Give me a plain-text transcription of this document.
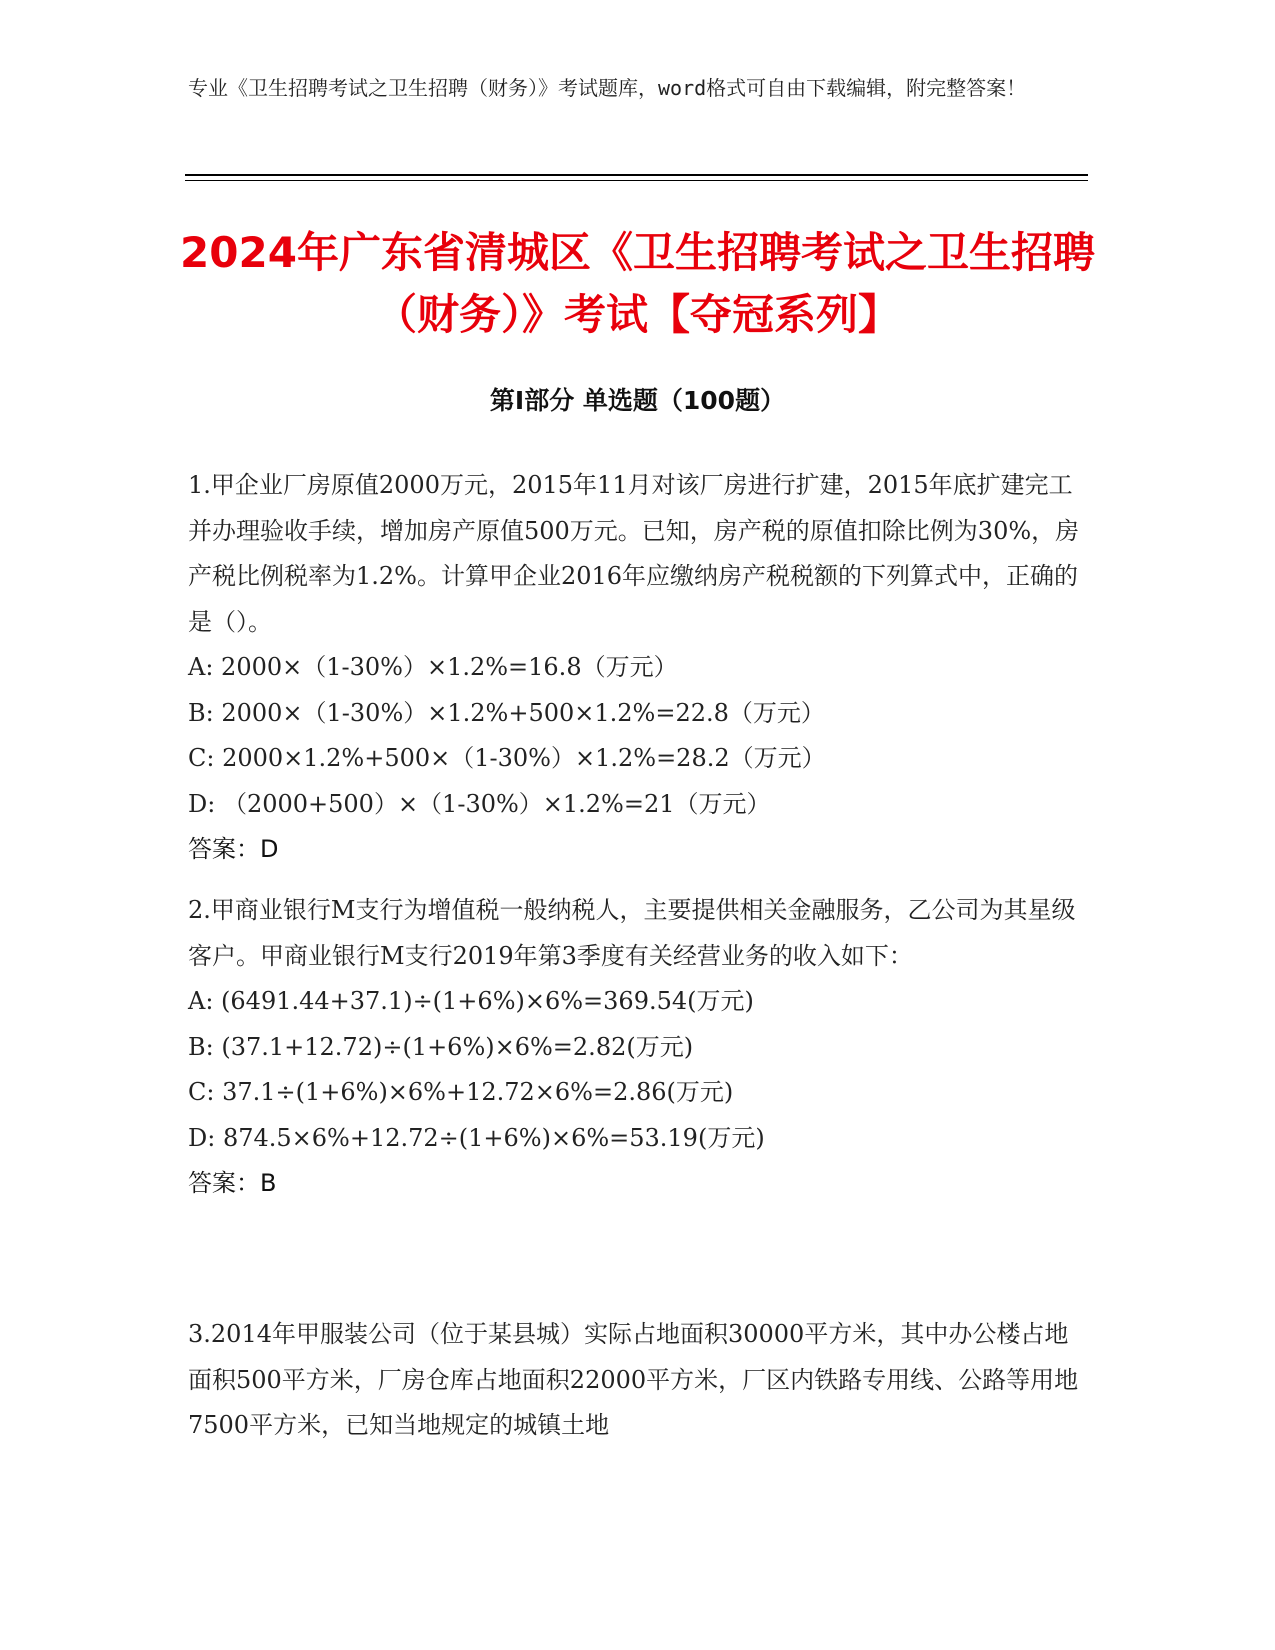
专业《卫生招聘考试之卫生招聘（财务）》考试题库，word格式可自由下载编辑，附完整答案！
2024年广东省清城区《卫生招聘考试之卫生招聘（财务）》考试【夺冠系列】
第Ⅰ部分 单选题（100题）

1.甲企业厂房原值2000万元，2015年11月对该厂房进行扩建，2015年底扩建完工并办理验收手续，增加房产原值500万元。已知，房产税的原值扣除比例为30%，房产税比例税率为1.2%。计算甲企业2016年应缴纳房产税税额的下列算式中，正确的是（）。

A: 2000×（1-30%）×1.2%=16.8（万元）

B: 2000×（1-30%）×1.2%+500×1.2%=22.8（万元）

C: 2000×1.2%+500×（1-30%）×1.2%=28.2（万元）

D: （2000+500）×（1-30%）×1.2%=21（万元）

答案：D

2.甲商业银行M支行为增值税一般纳税人，主要提供相关金融服务，乙公司为其星级客户。甲商业银行M支行2019年第3季度有关经营业务的收入如下：

A: (6491.44+37.1)÷(1+6%)×6%=369.54(万元)

B: (37.1+12.72)÷(1+6%)×6%=2.82(万元)

C: 37.1÷(1+6%)×6%+12.72×6%=2.86(万元)

D: 874.5×6%+12.72÷(1+6%)×6%=53.19(万元)

答案：B

3.2014年甲服装公司（位于某县城）实际占地面积30000平方米，其中办公楼占地面积500平方米，厂房仓库占地面积22000平方米，厂区内铁路专用线、公路等用地7500平方米，已知当地规定的城镇土地
